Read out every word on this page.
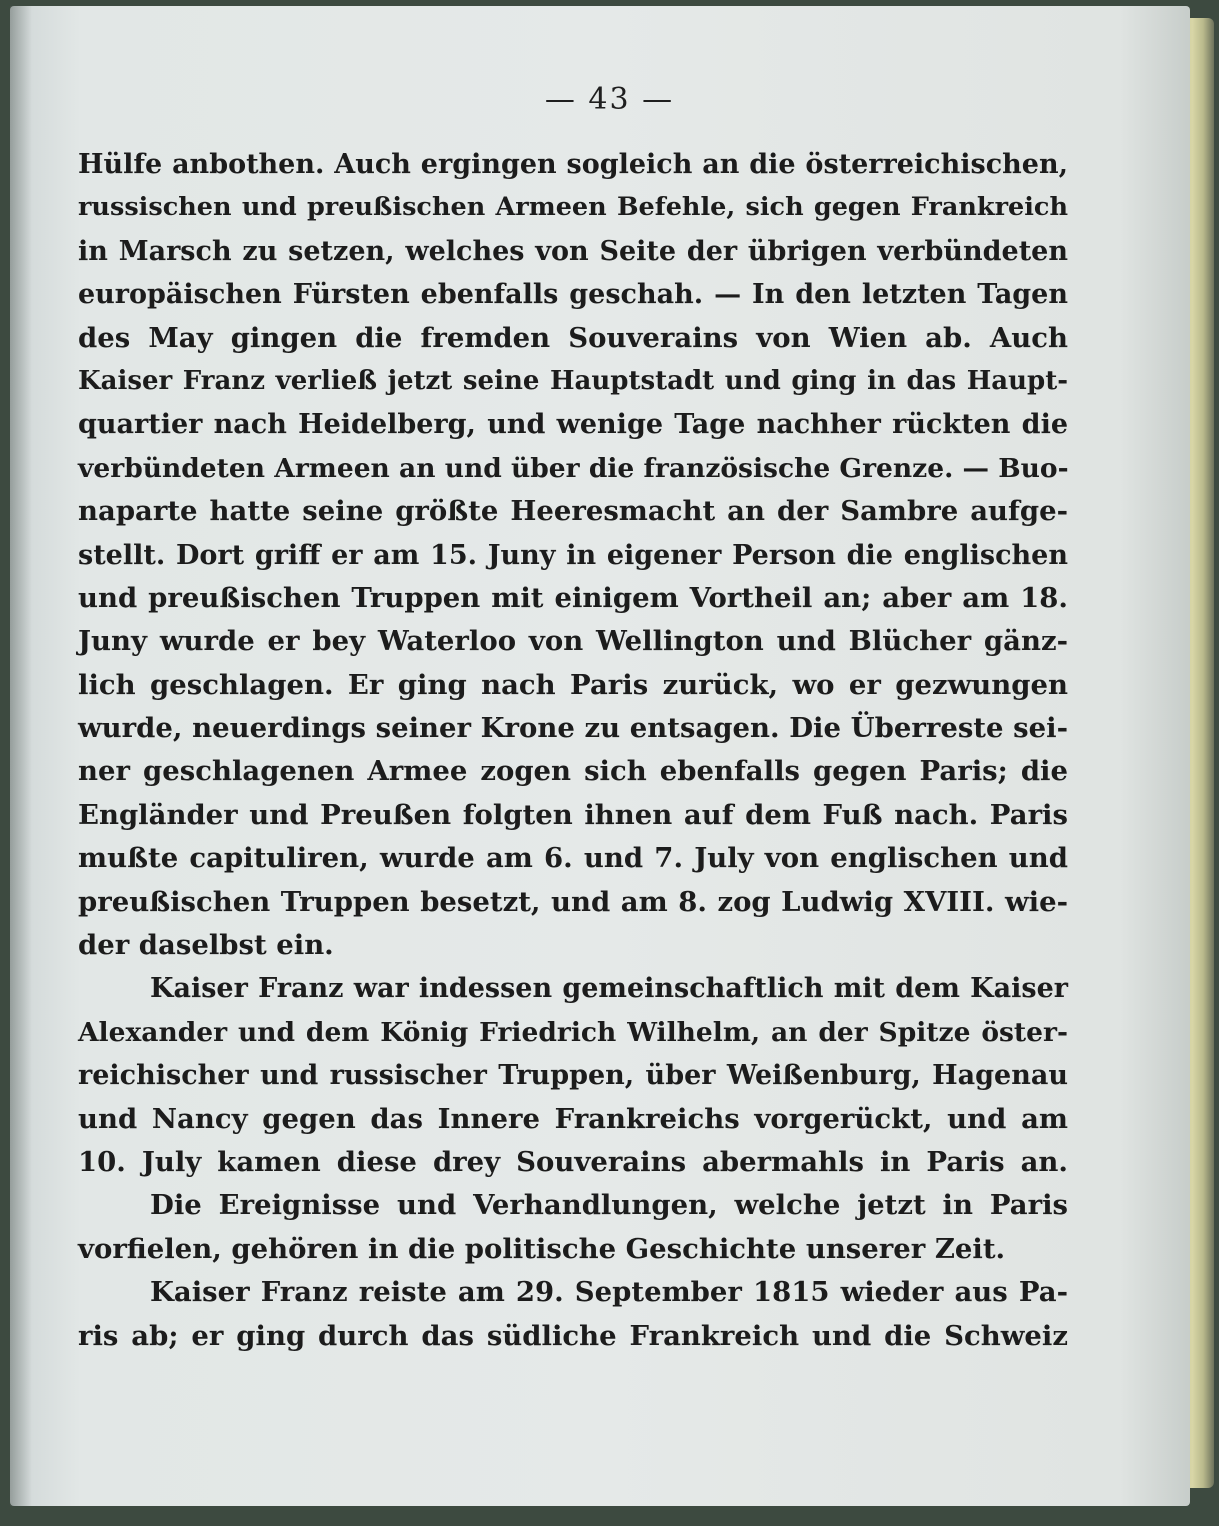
— 43 —
Hülfe anbothen. Auch ergingen sogleich an die österreichischen,
russischen und preußischen Armeen Befehle, sich gegen Frankreich
in Marsch zu setzen, welches von Seite der übrigen verbündeten
europäischen Fürsten ebenfalls geschah. — In den letzten Tagen
des May gingen die fremden Souverains von Wien ab. Auch
Kaiser Franz verließ jetzt seine Hauptstadt und ging in das Haupt-
quartier nach Heidelberg, und wenige Tage nachher rückten die
verbündeten Armeen an und über die französische Grenze. — Buo-
naparte hatte seine größte Heeresmacht an der Sambre aufge-
stellt. Dort griff er am 15. Juny in eigener Person die englischen
und preußischen Truppen mit einigem Vortheil an; aber am 18.
Juny wurde er bey Waterloo von Wellington und Blücher gänz-
lich geschlagen. Er ging nach Paris zurück, wo er gezwungen
wurde, neuerdings seiner Krone zu entsagen. Die Überreste sei-
ner geschlagenen Armee zogen sich ebenfalls gegen Paris; die
Engländer und Preußen folgten ihnen auf dem Fuß nach. Paris
mußte capituliren, wurde am 6. und 7. July von englischen und
preußischen Truppen besetzt, und am 8. zog Ludwig XVIII. wie-
der daselbst ein.
Kaiser Franz war indessen gemeinschaftlich mit dem Kaiser
Alexander und dem König Friedrich Wilhelm, an der Spitze öster-
reichischer und russischer Truppen, über Weißenburg, Hagenau
und Nancy gegen das Innere Frankreichs vorgerückt, und am
10. July kamen diese drey Souverains abermahls in Paris an.
Die Ereignisse und Verhandlungen, welche jetzt in Paris
vorfielen, gehören in die politische Geschichte unserer Zeit.
Kaiser Franz reiste am 29. September 1815 wieder aus Pa-
ris ab; er ging durch das südliche Frankreich und die Schweiz
